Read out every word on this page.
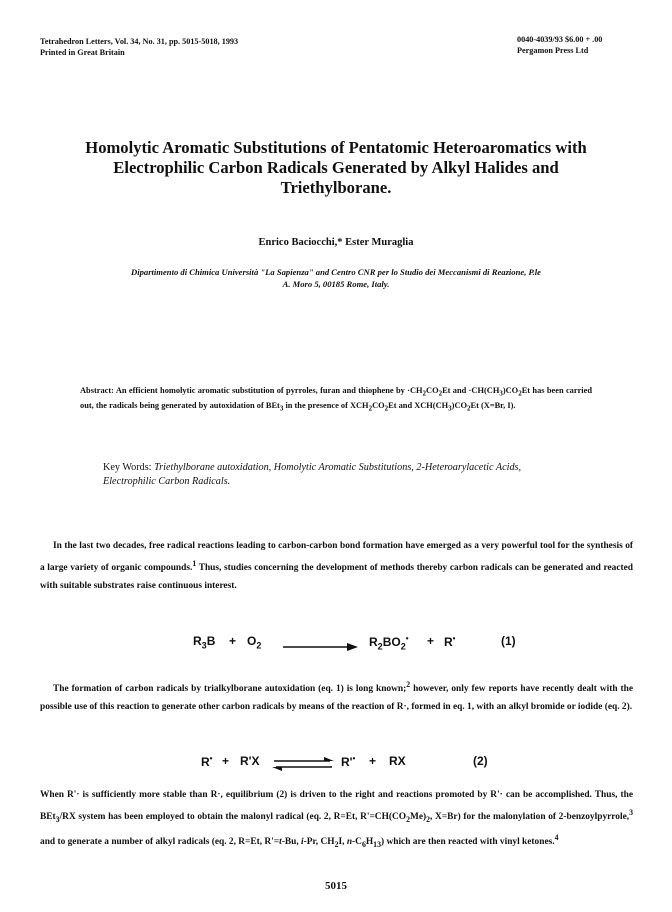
Tetrahedron Letters, Vol. 34, No. 31, pp. 5015-5018, 1993
Printed in Great Britain
0040-4039/93 $6.00 + .00
Pergamon Press Ltd
Homolytic Aromatic Substitutions of Pentatomic Heteroaromatics with Electrophilic Carbon Radicals Generated by Alkyl Halides and Triethylborane.
Enrico Baciocchi,* Ester Muraglia
Dipartimento di Chimica Università "La Sapienza" and Centro CNR per lo Studio dei Meccanismi di Reazione, P.le
A. Moro 5, 00185 Rome, Italy.
Abstract: An efficient homolytic aromatic substitution of pyrroles, furan and thiophene by $\cdot CH_2CO_2Et$ and $\cdot CH(CH_3)CO_2Et$ has been carried out, the radicals being generated by autoxidation of BEt$_3$ in the presence of $XCH_2CO_2Et$ and $XCH(CH_3)CO_2Et$ (X=Br, I).
Key Words: Triethylborane autoxidation, Homolytic Aromatic Substitutions, 2-Heteroarylacetic Acids, Electrophilic Carbon Radicals.
In the last two decades, free radical reactions leading to carbon-carbon bond formation have emerged as a very powerful tool for the synthesis of a large variety of organic compounds.$^1$ Thus, studies concerning the development of methods thereby carbon radicals can be generated and reacted with suitable substrates raise continuous interest.
$R_3B + O_2$	$R_2BO_2^• + R^•$	(1)
The formation of carbon radicals by trialkylborane autoxidation (eq. 1) is long known;$^2$ however, only few reports have recently dealt with the possible use of this reaction to generate other carbon radicals by means of the reaction of R·, formed in eq. 1, with an alkyl bromide or iodide (eq. 2).
R• + R'X	R'• + RX	(2)
When R'· is sufficiently more stable than R·, equilibrium (2) is driven to the right and reactions promoted by R'· can be accomplished. Thus, the BEt$_3$/RX system has been employed to obtain the malonyl radical (eq. 2, R=Et, $R'=CH(CO_2Me)_2$, X=Br) for the malonylation of 2-benzoylpyrrole,$^3$ and to generate a number of alkyl radicals (eq. 2, R=Et, R'=t-Bu, i-Pr, $CH_2I$, $n-C_6H_{13}$) which are then reacted with vinyl ketones.$^4$
5015
